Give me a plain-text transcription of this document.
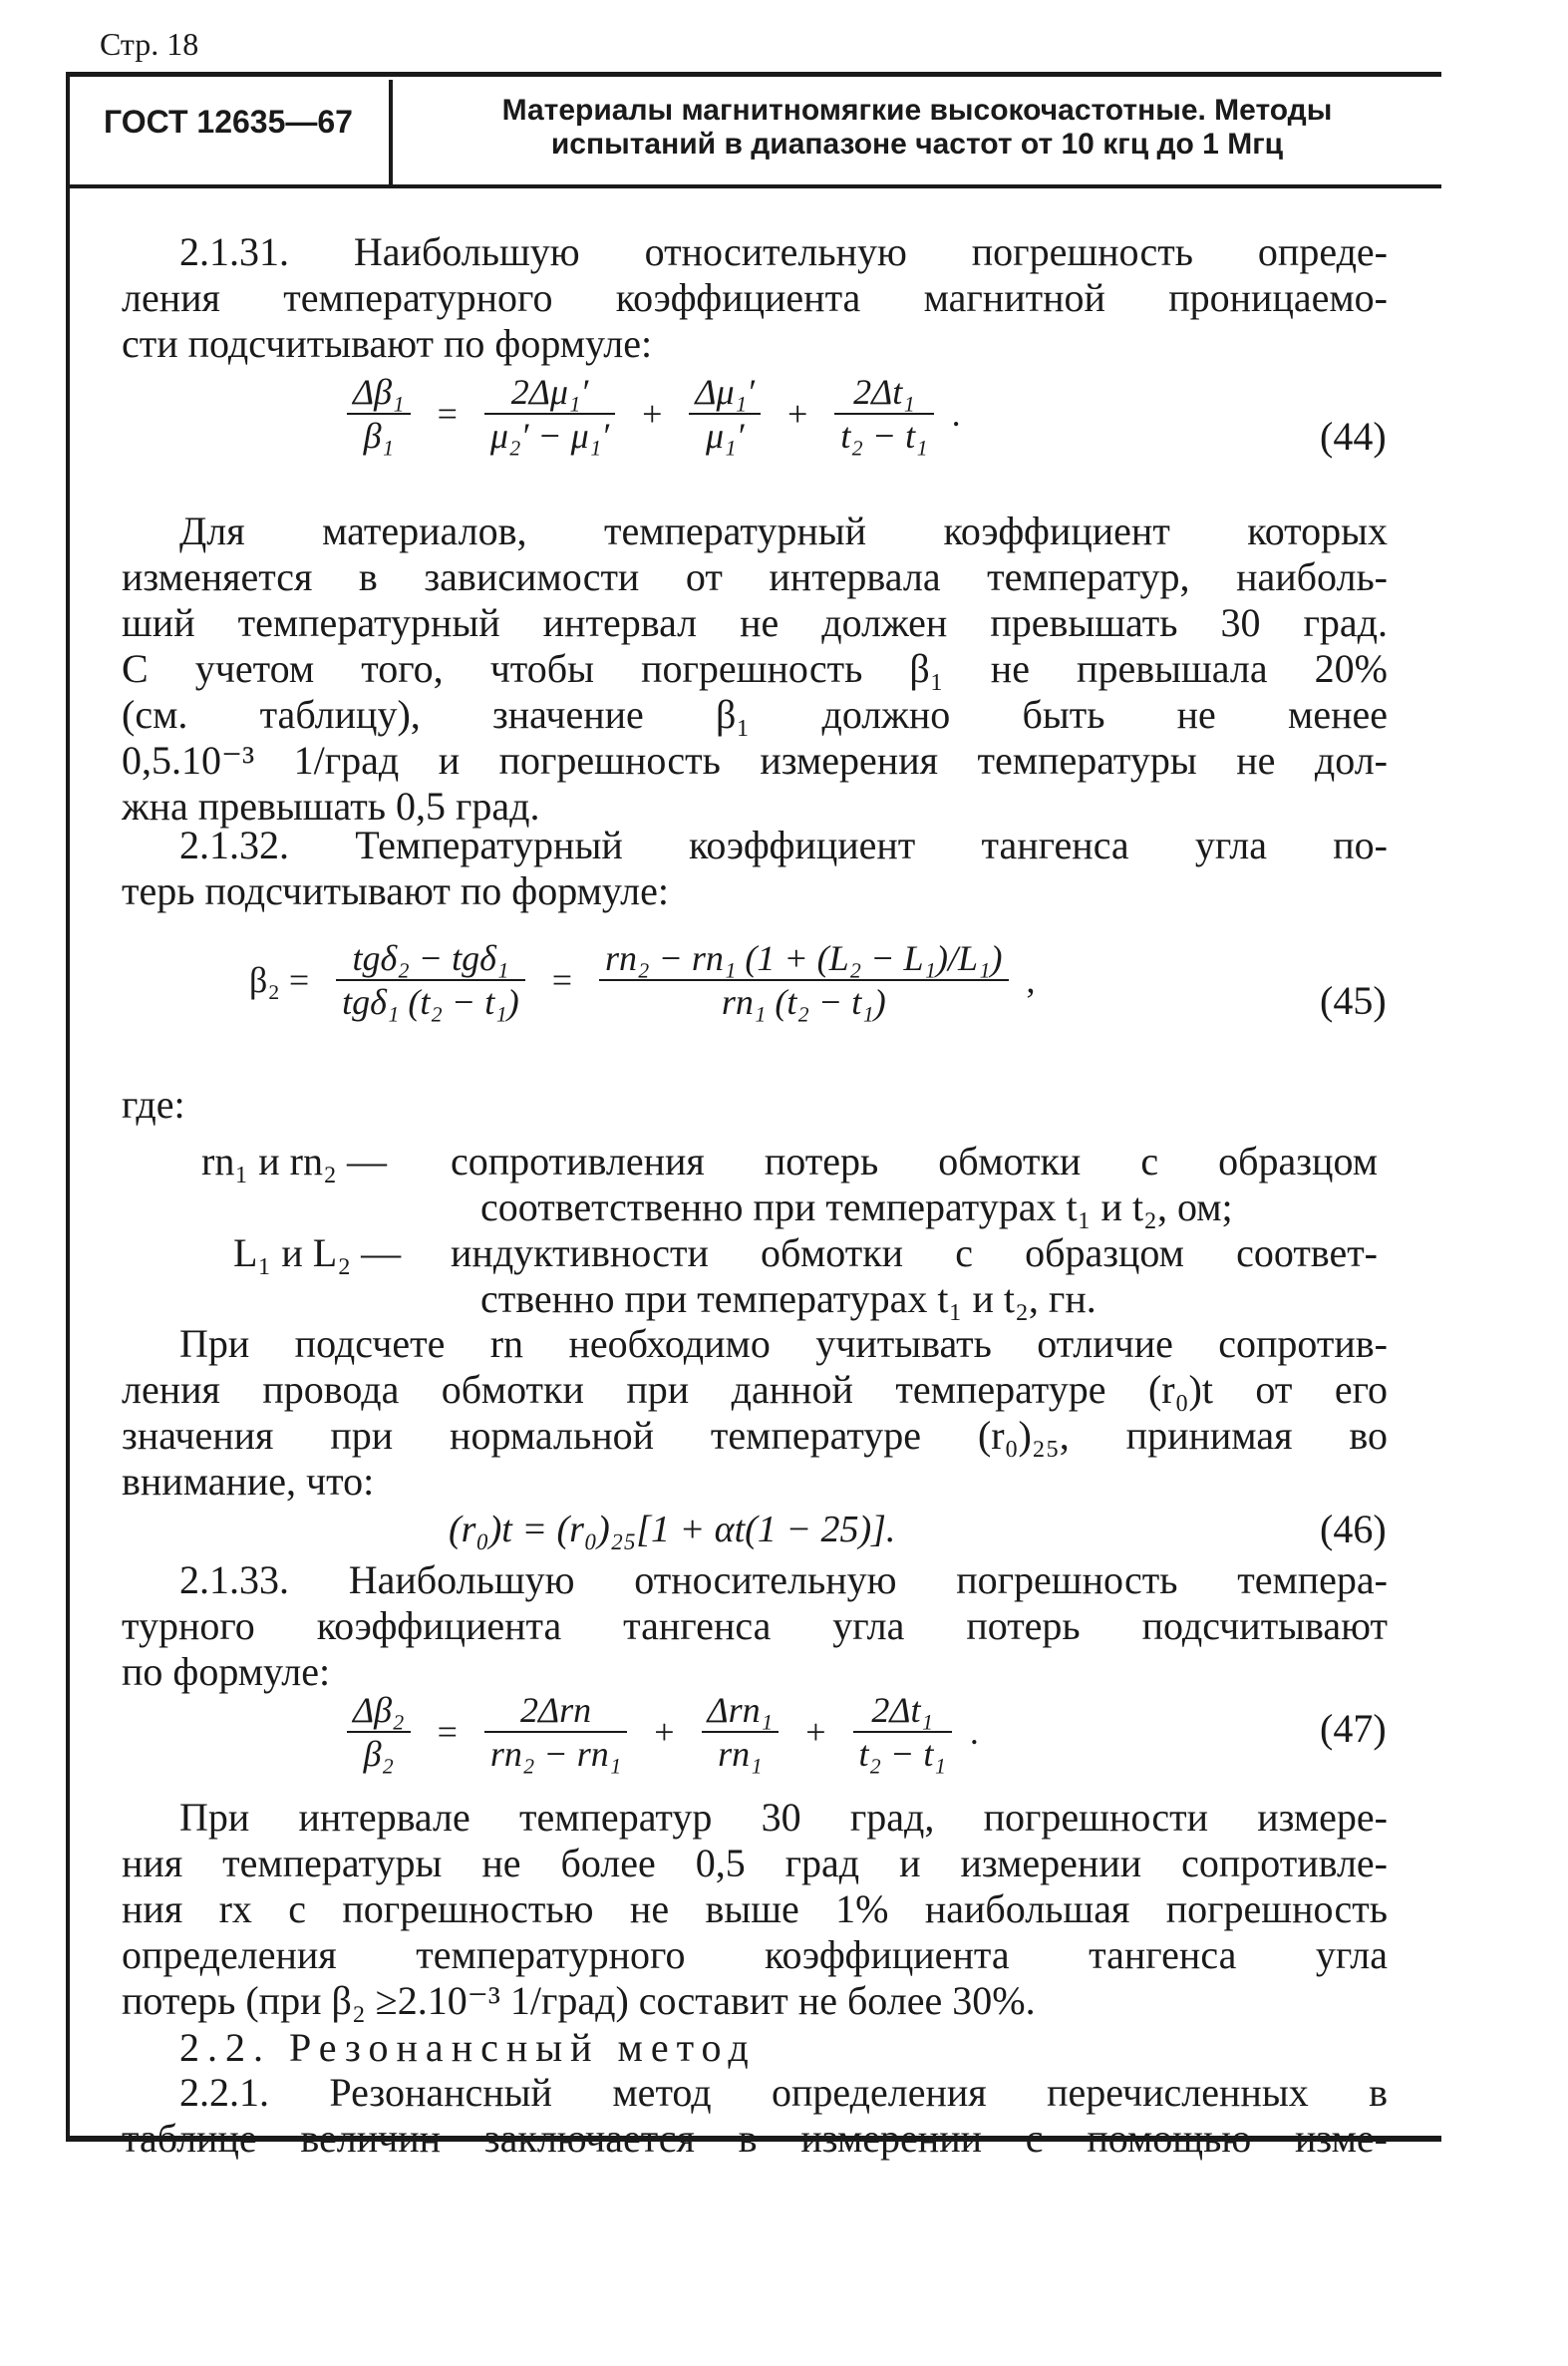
Стр. 18
ГОСТ 12635—67	Материалы магнитномягкие высокочастотные. Методы
испытаний в диапазоне частот от 10 кгц до 1 Мгц
2.1.31. Наибольшую относительную погрешность опреде-
ления температурного коэффициента магнитной проницаемо-
сти подсчитывают по формуле:
$\frac{\text{Δβ₁}}{\text{β₁}} = \frac{\text{2Δμ₁′}}{\text{μ₂′ − μ₁′}} + \frac{\text{Δμ₁′}}{\text{μ₁′}} + \frac{\text{2Δt₁}}{\text{t₂ − t₁}}$ .	(44)
Для материалов, температурный коэффициент которых
изменяется в зависимости от интервала температур, наиболь-
ший температурный интервал не должен превышать 30 град.
С учетом того, чтобы погрешность β₁ не превышала 20%
(см. таблицу), значение β₁ должно быть не менее
0,5.10⁻³ 1/град и погрешность измерения температуры не дол-
жна превышать 0,5 град.
2.1.32. Температурный коэффициент тангенса угла по-
терь подсчитывают по формуле:
$\beta_2 = \frac{\text{tgδ₂ − tgδ₁}}{\text{tgδ₁ (t₂ − t₁)}} = \frac{\text{rn₂ − rn₁ (1 + (L₂ − L₁)/L₁)}}{\text{rn₁ (t₂ − t₁)}}$ ,	(45)
где:
rn₁ и rn₂ — сопротивления потерь обмотки с образцом
соответственно при температурах t₁ и t₂, ом;
L₁ и L₂ — индуктивности обмотки с образцом соответ-
ственно при температурах t₁ и t₂, гн.
При подсчете rn необходимо учитывать отличие сопротив-
ления провода обмотки при данной температуре (r₀)t от его
значения при нормальной температуре (r₀)₂₅, принимая во
внимание, что:
(r₀)t = (r₀)₂₅[1 + αt(1 − 25)].	(46)
2.1.33. Наибольшую относительную погрешность темпера-
турного коэффициента тангенса угла потерь подсчитывают
по формуле:
$\frac{\text{Δβ₂}}{\text{β₂}} = \frac{\text{2Δrn}}{\text{rn₂ − rn₁}} + \frac{\text{Δrn₁}}{\text{rn₁}} + \frac{\text{2Δt₁}}{\text{t₂ − t₁}}$ .	(47)
При интервале температур 30 град, погрешности измере-
ния температуры не более 0,5 град и измерении сопротивле-
ния rx с погрешностью не выше 1% наибольшая погрешность
определения температурного коэффициента тангенса угла
потерь (при β₂ ≥2.10⁻³ 1/град) составит не более 30%.
2.2. Резонансный метод
2.2.1. Резонансный метод определения перечисленных в
таблице величин заключается в измерении с помощью изме-
